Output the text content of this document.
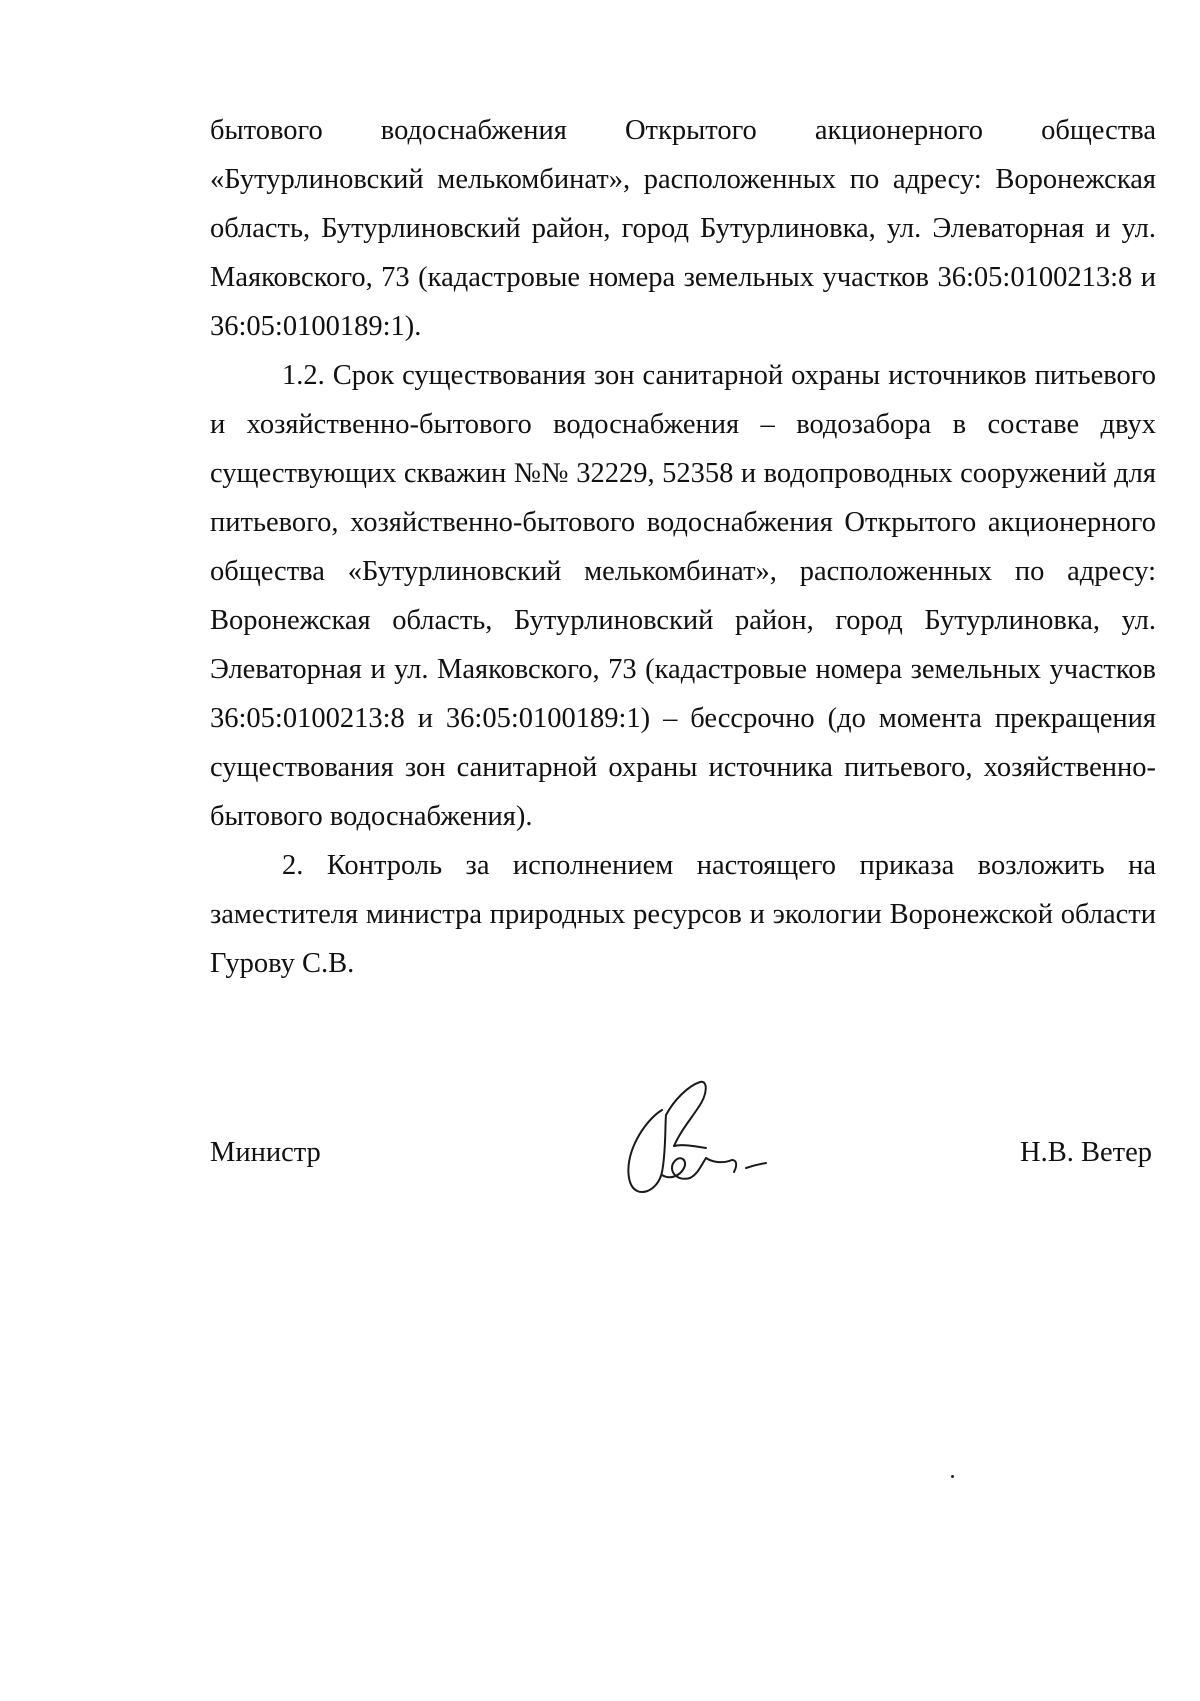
бытового водоснабжения Открытого акционерного общества «Бутурлиновский мелькомбинат», расположенных по адресу: Воронежская область, Бутурлиновский район, город Бутурлиновка, ул. Элеваторная и ул. Маяковского, 73 (кадастровые номера земельных участков 36:05:0100213:8 и 36:05:0100189:1).

1.2. Срок существования зон санитарной охраны источников питьевого и хозяйственно-бытового водоснабжения – водозабора в составе двух существующих скважин №№ 32229, 52358 и водопроводных сооружений для питьевого, хозяйственно-бытового водоснабжения Открытого акционерного общества «Бутурлиновский мелькомбинат», расположенных по адресу: Воронежская область, Бутурлиновский район, город Бутурлиновка, ул. Элеваторная и ул. Маяковского, 73 (кадастровые номера земельных участков 36:05:0100213:8 и 36:05:0100189:1) – бессрочно (до момента прекращения существования зон санитарной охраны источника питьевого, хозяйственно-бытового водоснабжения).

2. Контроль за исполнением настоящего приказа возложить на заместителя министра природных ресурсов и экологии Воронежской области Гурову С.В.

Министр	Н.В. Ветер
